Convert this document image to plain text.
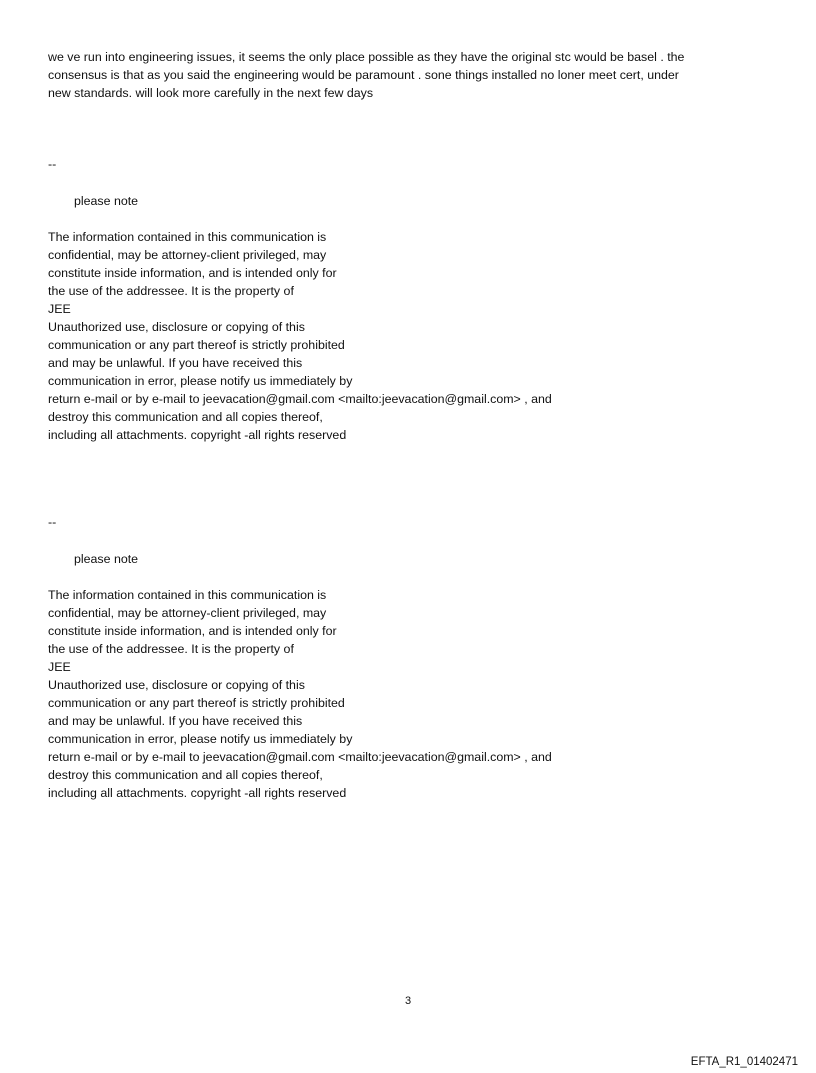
we ve run into engineering issues, it seems the only place possible as they have the original stc would be basel . the
consensus is that as you said the engineering would be paramount . sone things installed no loner meet cert, under
new standards. will look more carefully in the next few days
--
please note
The information contained in this communication is
confidential, may be attorney-client privileged, may
constitute inside information, and is intended only for
the use of the addressee. It is the property of
JEE
Unauthorized use, disclosure or copying of this
communication or any part thereof is strictly prohibited
and may be unlawful. If you have received this
communication in error, please notify us immediately by
return e-mail or by e-mail to jeevacation@gmail.com <mailto:jeevacation@gmail.com> , and
destroy this communication and all copies thereof,
including all attachments. copyright -all rights reserved
--
please note
The information contained in this communication is
confidential, may be attorney-client privileged, may
constitute inside information, and is intended only for
the use of the addressee. It is the property of
JEE
Unauthorized use, disclosure or copying of this
communication or any part thereof is strictly prohibited
and may be unlawful. If you have received this
communication in error, please notify us immediately by
return e-mail or by e-mail to jeevacation@gmail.com <mailto:jeevacation@gmail.com> , and
destroy this communication and all copies thereof,
including all attachments. copyright -all rights reserved
3
EFTA_R1_01402471
